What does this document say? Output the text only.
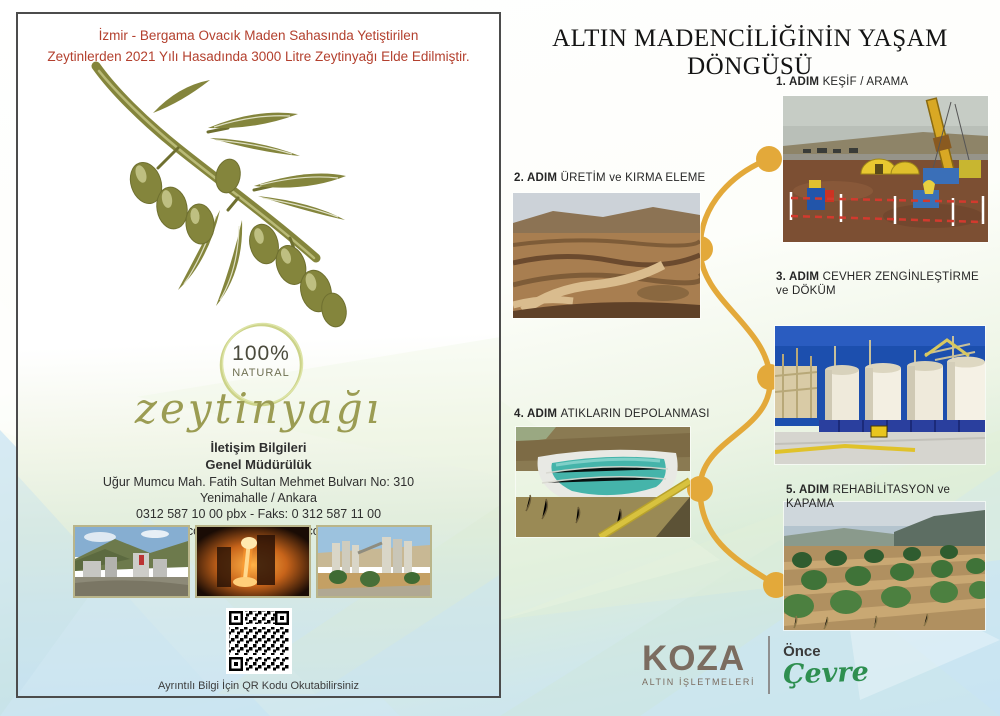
İzmir - Bergama Ovacık Maden Sahasında Yetiştirilen
Zeytinlerden 2021 Yılı Hasadında 3000 Litre Zeytinyağı Elde Edilmiştir.
100%
NATURAL
zeytinyağı
İletişim Bilgileri
Genel Müdürülük
Uğur Mumcu Mah. Fatih Sultan Mehmet Bulvarı No: 310
Yenimahalle / Ankara
0312 587 10 00 pbx - Faks: 0 312 587 11 00
Ayrıntılı Bilgi İçin QR Kodu Okutabilirsiniz
ALTIN MADENCİLİĞİNİN YAŞAM DÖNGÜSÜ
1. ADIM KEŞİF / ARAMA
2. ADIM ÜRETİM ve KIRMA ELEME
3. ADIM CEVHER ZENGİNLEŞTİRME ve DÖKÜM
4. ADIM ATIKLARIN DEPOLANMASI
5. ADIM REHABİLİTASYON ve KAPAMA
KOZA
ALTIN İŞLETMELERİ
Önce
Çevre
